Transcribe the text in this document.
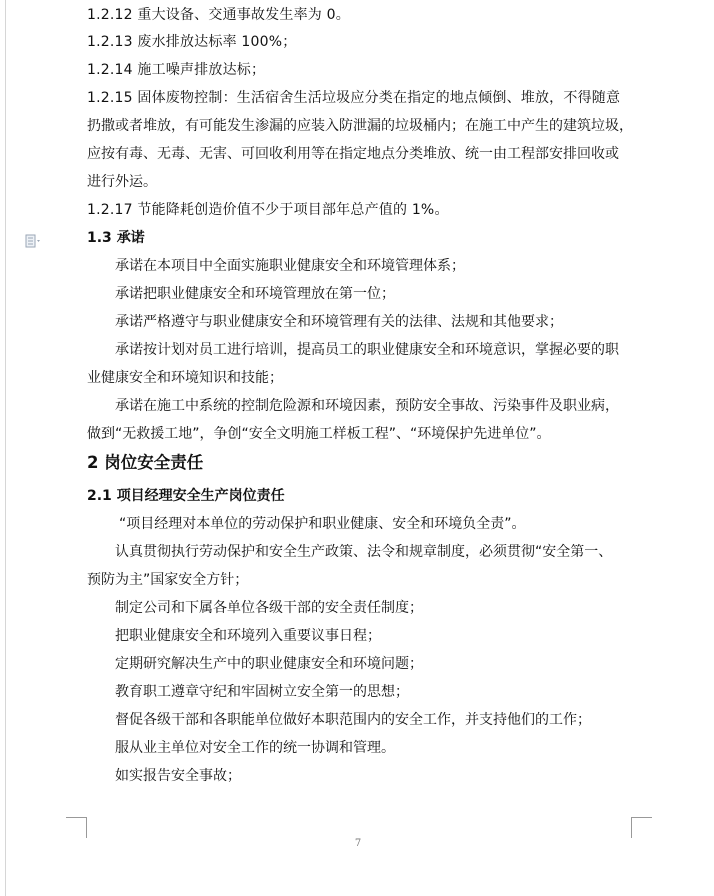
1.2.12 重大设备、交通事故发生率为 0。

1.2.13 废水排放达标率 100%；

1.2.14 施工噪声排放达标；

1.2.15 固体废物控制：生活宿舍生活垃圾应分类在指定的地点倾倒、堆放，不得随意

扔撒或者堆放，有可能发生渗漏的应装入防泄漏的垃圾桶内；在施工中产生的建筑垃圾，

应按有毒、无毒、无害、可回收利用等在指定地点分类堆放、统一由工程部安排回收或

进行外运。

1.2.17 节能降耗创造价值不少于项目部年总产值的 1%。

1.3 承诺

承诺在本项目中全面实施职业健康安全和环境管理体系；

承诺把职业健康安全和环境管理放在第一位；

承诺严格遵守与职业健康安全和环境管理有关的法律、法规和其他要求；

承诺按计划对员工进行培训，提高员工的职业健康安全和环境意识，掌握必要的职

业健康安全和环境知识和技能；

承诺在施工中系统的控制危险源和环境因素，预防安全事故、污染事件及职业病，

做到“无救援工地”，争创“安全文明施工样板工程”、“环境保护先进单位”。

2 岗位安全责任

2.1 项目经理安全生产岗位责任

“项目经理对本单位的劳动保护和职业健康、安全和环境负全责”。

认真贯彻执行劳动保护和安全生产政策、法令和规章制度，必须贯彻“安全第一、

预防为主”国家安全方针；

制定公司和下属各单位各级干部的安全责任制度；

把职业健康安全和环境列入重要议事日程；

定期研究解决生产中的职业健康安全和环境问题；

教育职工遵章守纪和牢固树立安全第一的思想；

督促各级干部和各职能单位做好本职范围内的安全工作，并支持他们的工作；

服从业主单位对安全工作的统一协调和管理。

如实报告安全事故；

7
